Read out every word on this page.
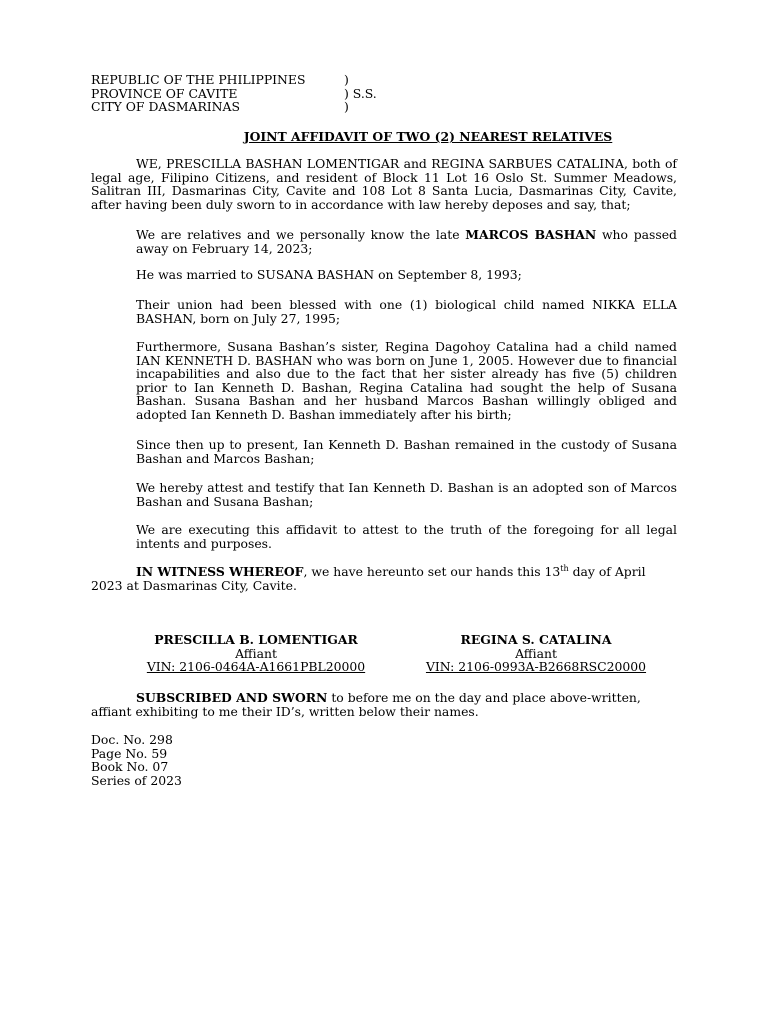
REPUBLIC OF THE PHILIPPINES	)
PROVINCE OF CAVITE	) S.S.
CITY OF DASMARINAS	)
JOINT AFFIDAVIT OF TWO (2) NEAREST RELATIVES

WE, PRESCILLA BASHAN LOMENTIGAR and REGINA SARBUES CATALINA, both of legal age, Filipino Citizens, and resident of Block 11 Lot 16 Oslo St. Summer Meadows, Salitran III, Dasmarinas City, Cavite and 108 Lot 8 Santa Lucia, Dasmarinas City, Cavite, after having been duly sworn to in accordance with law hereby deposes and say, that;

We are relatives and we personally know the late MARCOS BASHAN who passed away on February 14, 2023;

He was married to SUSANA BASHAN on September 8, 1993;

Their union had been blessed with one (1) biological child named NIKKA ELLA BASHAN, born on July 27, 1995;

Furthermore, Susana Bashan’s sister, Regina Dagohoy Catalina had a child named IAN KENNETH D. BASHAN who was born on June 1, 2005. However due to financial incapabilities and also due to the fact that her sister already has five (5) children prior to Ian Kenneth D. Bashan, Regina Catalina had sought the help of Susana Bashan. Susana Bashan and her husband Marcos Bashan willingly obliged and adopted Ian Kenneth D. Bashan immediately after his birth;

Since then up to present, Ian Kenneth D. Bashan remained in the custody of Susana Bashan and Marcos Bashan;

We hereby attest and testify that Ian Kenneth D. Bashan is an adopted son of Marcos Bashan and Susana Bashan;

We are executing this affidavit to attest to the truth of the foregoing for all legal intents and purposes.

IN WITNESS WHEREOF, we have hereunto set our hands this 13th day of April 2023 at Dasmarinas City, Cavite.

PRESCILLA B. LOMENTIGAR
Affiant
VIN: 2106-0464A-A1661PBL20000
REGINA S. CATALINA
Affiant
VIN: 2106-0993A-B2668RSC20000

SUBSCRIBED AND SWORN to before me on the day and place above-written, affiant exhibiting to me their ID’s, written below their names.

Doc. No. 298
Page No. 59
Book No. 07
Series of 2023
